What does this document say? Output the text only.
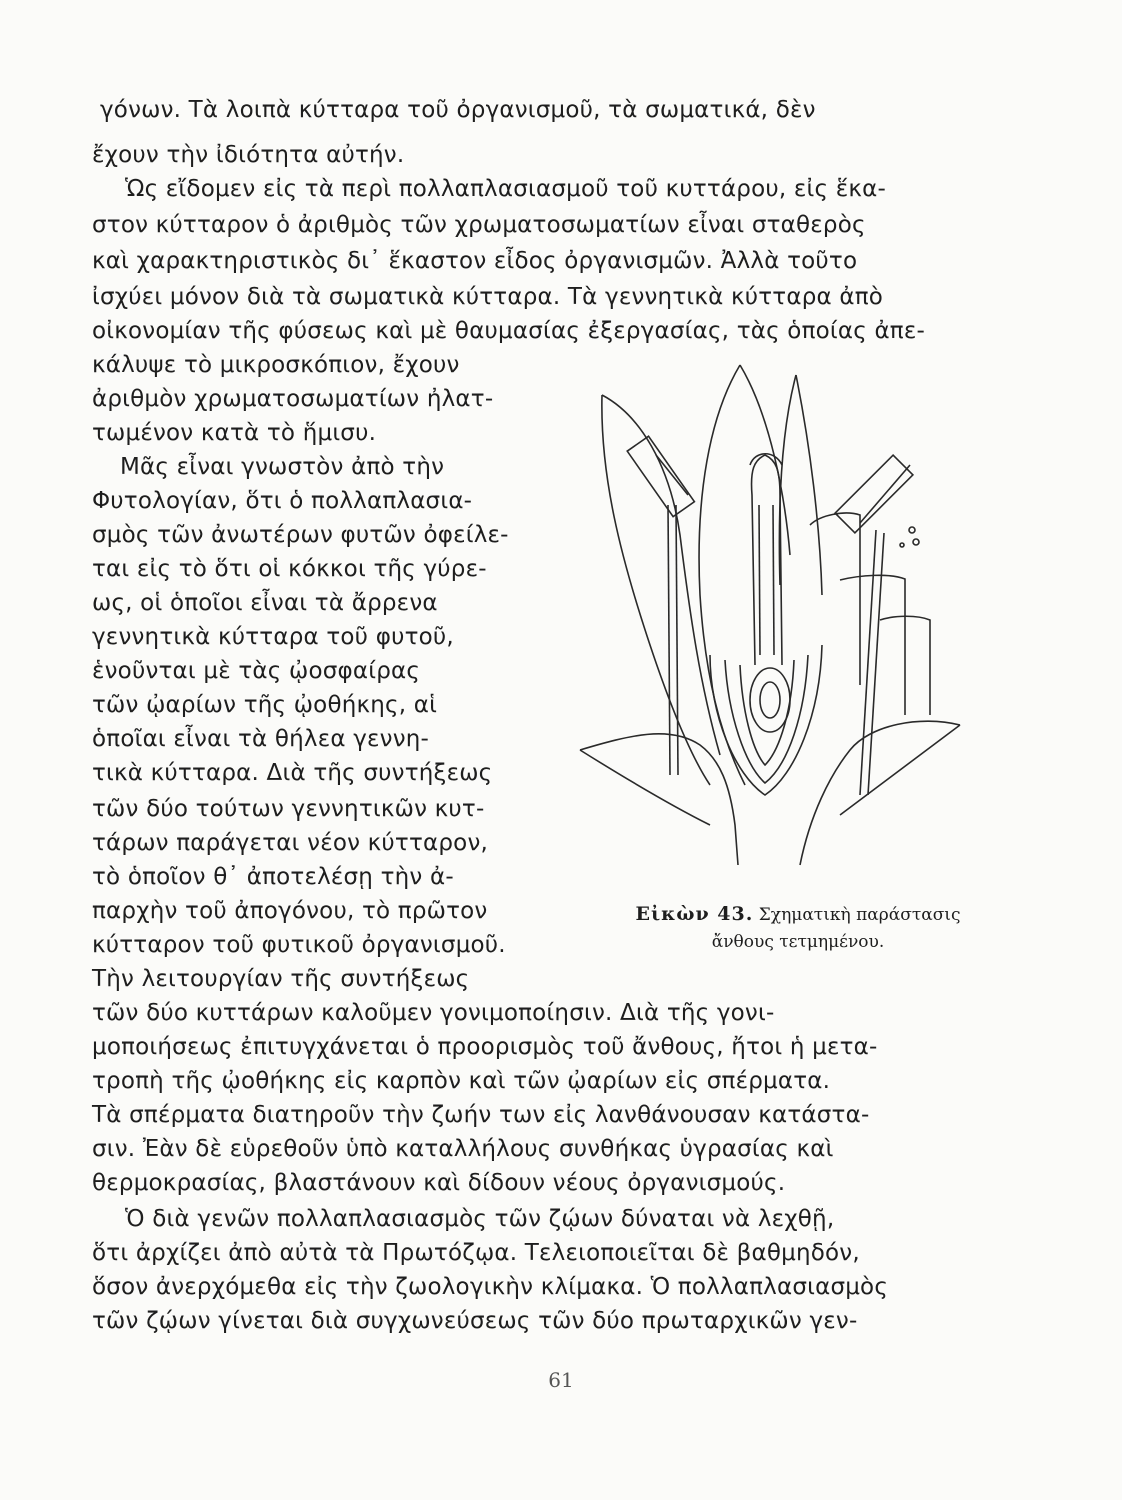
γόνων. Τὰ λοιπὰ κύτταρα τοῦ ὀργανισμοῦ, τὰ σωματικά, δὲν
ἔχουν τὴν ἰδιότητα αὐτήν.
Ὡς εἴδομεν εἰς τὰ περὶ πολλαπλασιασμοῦ τοῦ κυττάρου, εἰς ἕκα-
στον κύτταρον ὁ ἀριθμὸς τῶν χρωματοσωματίων εἶναι σταθερὸς
καὶ χαρακτηριστικὸς δι᾽ ἕκαστον εἶδος ὀργανισμῶν. Ἀλλὰ τοῦτο
ἰσχύει μόνον διὰ τὰ σωματικὰ κύτταρα. Τὰ γεννητικὰ κύτταρα ἀπὸ
οἰκονομίαν τῆς φύσεως καὶ μὲ θαυμασίας ἐξεργασίας, τὰς ὁποίας ἀπε-
κάλυψε τὸ μικροσκόπιον, ἔχουν
ἀριθμὸν χρωματοσωματίων ἠλατ-
τωμένον κατὰ τὸ ἥμισυ.
Μᾶς εἶναι γνωστὸν ἀπὸ τὴν
Φυτολογίαν, ὅτι ὁ πολλαπλασια-
σμὸς τῶν ἀνωτέρων φυτῶν ὀφείλε-
ται εἰς τὸ ὅτι οἱ κόκκοι τῆς γύρε-
ως, οἱ ὁποῖοι εἶναι τὰ ἄρρενα
γεννητικὰ κύτταρα τοῦ φυτοῦ,
ἑνοῦνται μὲ τὰς ᾠοσφαίρας
τῶν ᾠαρίων τῆς ᾠοθήκης, αἱ
ὁποῖαι εἶναι τὰ θήλεα γεννη-
τικὰ κύτταρα. Διὰ τῆς συντήξεως
τῶν δύο τούτων γεννητικῶν κυτ-
τάρων παράγεται νέον κύτταρον,
τὸ ὁποῖον θ᾽ ἀποτελέσῃ τὴν ἀ-
παρχὴν τοῦ ἀπογόνου, τὸ πρῶτον
κύτταρον τοῦ φυτικοῦ ὀργανισμοῦ.
Τὴν λειτουργίαν τῆς συντήξεως
τῶν δύο κυττάρων καλοῦμεν γονιμοποίησιν. Διὰ τῆς γονι-
μοποιήσεως ἐπιτυγχάνεται ὁ προορισμὸς τοῦ ἄνθους, ἤτοι ἡ μετα-
τροπὴ τῆς ᾠοθήκης εἰς καρπὸν καὶ τῶν ᾠαρίων εἰς σπέρματα.
Τὰ σπέρματα διατηροῦν τὴν ζωήν των εἰς λανθάνουσαν κατάστα-
σιν. Ἐὰν δὲ εὑρεθοῦν ὑπὸ καταλλήλους συνθήκας ὑγρασίας καὶ
θερμοκρασίας, βλαστάνουν καὶ δίδουν νέους ὀργανισμούς.
Ὁ διὰ γενῶν πολλαπλασιασμὸς τῶν ζῴων δύναται νὰ λεχθῇ,
ὅτι ἀρχίζει ἀπὸ αὐτὰ τὰ Πρωτόζῳα. Τελειοποιεῖται δὲ βαθμηδόν,
ὅσον ἀνερχόμεθα εἰς τὴν ζωολογικὴν κλίμακα. Ὁ πολλαπλασιασμὸς
τῶν ζῴων γίνεται διὰ συγχωνεύσεως τῶν δύο πρωταρχικῶν γεν-
Εἰκὼν 43. Σχηματικὴ παράστασις
ἄνθους τετμημένου.
61
